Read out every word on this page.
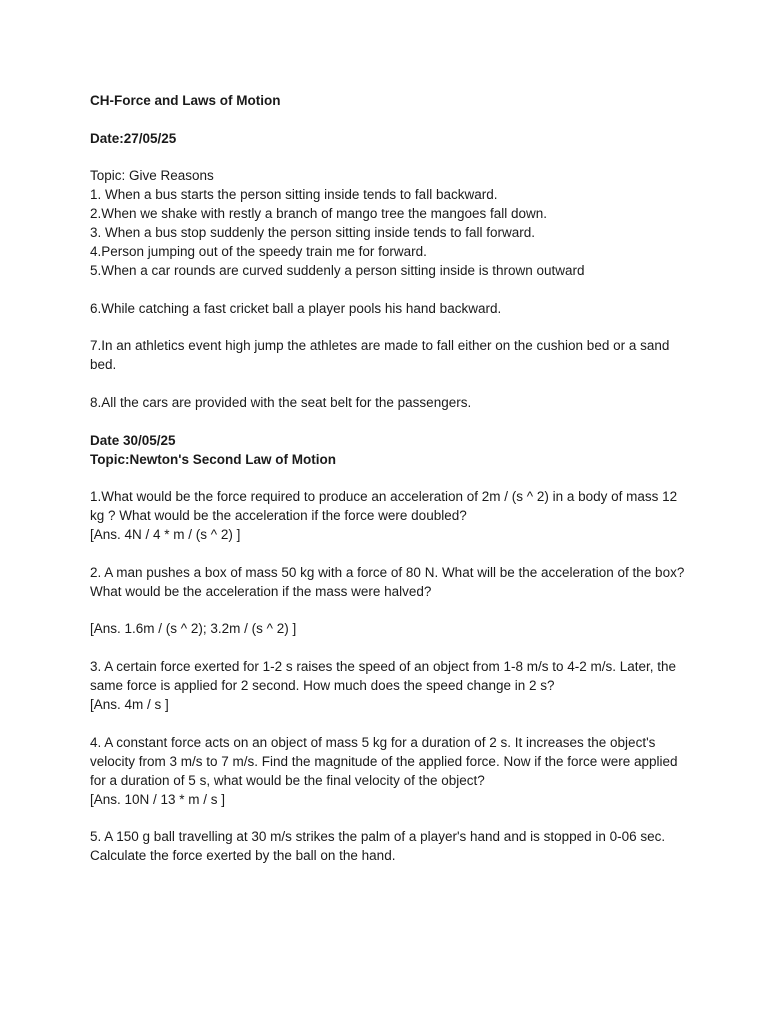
CH-Force and Laws of Motion
Date:27/05/25
Topic: Give Reasons
1. When a bus starts the person sitting inside tends to fall backward.
2.When we shake with restly a branch of mango tree the mangoes fall down.
3. When a bus stop suddenly the person sitting inside tends to fall forward.
4.Person jumping out of the speedy train me for forward.
5.When a car rounds are curved suddenly a person sitting inside is thrown outward
6.While catching a fast cricket ball a player pools his hand backward.
7.In an athletics event high jump the athletes are made to fall either on the cushion bed or a sand bed.
8.All the cars are provided with the seat belt for the passengers.
Date 30/05/25
Topic:Newton's Second Law of Motion
1.What would be the force required to produce an acceleration of 2m / (s ^ 2) in a body of mass 12 kg ? What would be the acceleration if the force were doubled?
[Ans. 4N / 4 * m / (s ^ 2) ]
2. A man pushes a box of mass 50 kg with a force of 80 N. What will be the acceleration of the box? What would be the acceleration if the mass were halved?
[Ans. 1.6m / (s ^ 2); 3.2m / (s ^ 2) ]
3. A certain force exerted for 1-2 s raises the speed of an object from 1-8 m/s to 4-2 m/s. Later, the same force is applied for 2 second. How much does the speed change in 2 s?
[Ans. 4m / s ]
4. A constant force acts on an object of mass 5 kg for a duration of 2 s. It increases the object's velocity from 3 m/s to 7 m/s. Find the magnitude of the applied force. Now if the force were applied for a duration of 5 s, what would be the final velocity of the object?
[Ans. 10N / 13 * m / s ]
5. A 150 g ball travelling at 30 m/s strikes the palm of a player's hand and is stopped in 0-06 sec. Calculate the force exerted by the ball on the hand.
